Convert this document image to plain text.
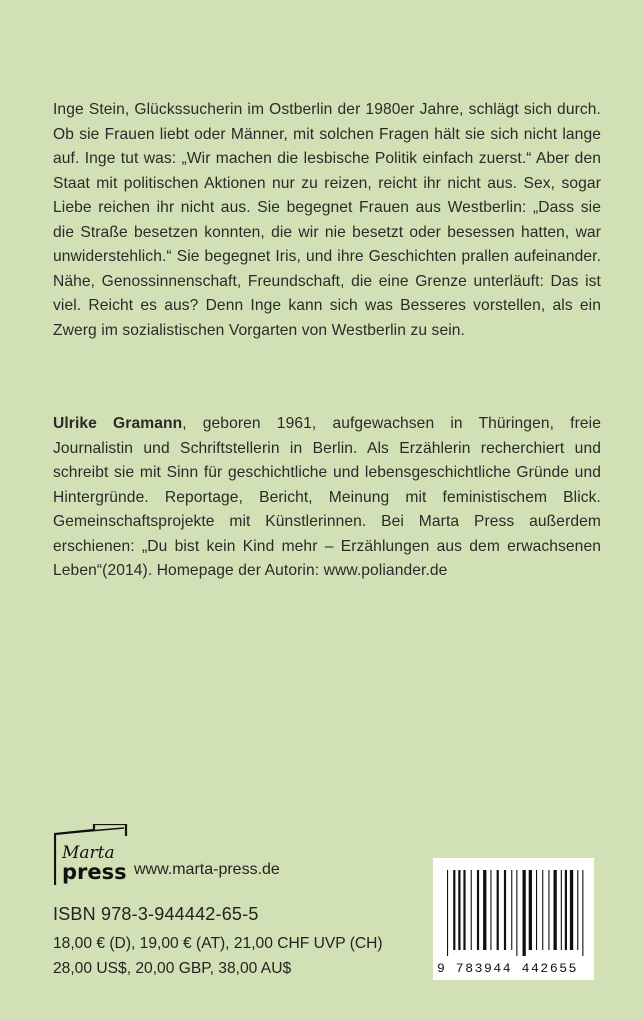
Inge Stein, Glückssucherin im Ostberlin der 1980er Jahre, schlägt sich durch. Ob sie Frauen liebt oder Männer, mit solchen Fragen hält sie sich nicht lange auf. Inge tut was: „Wir machen die lesbische Politik einfach zuerst.“ Aber den Staat mit politischen Aktionen nur zu reizen, reicht ihr nicht aus. Sex, sogar Liebe reichen ihr nicht aus. Sie begegnet Frauen aus Westberlin: „Dass sie die Straße besetzen konnten, die wir nie besetzt oder besessen hatten, war unwiderstehlich.“ Sie begegnet Iris, und ihre Geschichten prallen aufeinander. Nähe, Genossinnenschaft, Freundschaft, die eine Grenze unterläuft: Das ist viel. Reicht es aus? Denn Inge kann sich was Besseres vorstellen, als ein Zwerg im sozialistischen Vorgarten von Westberlin zu sein.

Ulrike Gramann, geboren 1961, aufgewachsen in Thüringen, freie Journalistin und Schriftstellerin in Berlin. Als Erzählerin recherchiert und schreibt sie mit Sinn für geschichtliche und lebensgeschichtliche Gründe und Hintergründe. Reportage, Bericht, Meinung mit feministischem Blick. Gemeinschaftsprojekte mit Künstlerinnen. Bei Marta Press außerdem erschienen: „Du bist kein Kind mehr – Erzählungen aus dem erwachsenen Leben“(2014). Homepage der Autorin: www.poliander.de

Marta
press www.marta-press.de
ISBN 978-3-944442-65-5
18,00 € (D), 19,00 € (AT), 21,00 CHF UVP (CH)
28,00 US$, 20,00 GBP, 38,00 AU$	9 783944 442655
